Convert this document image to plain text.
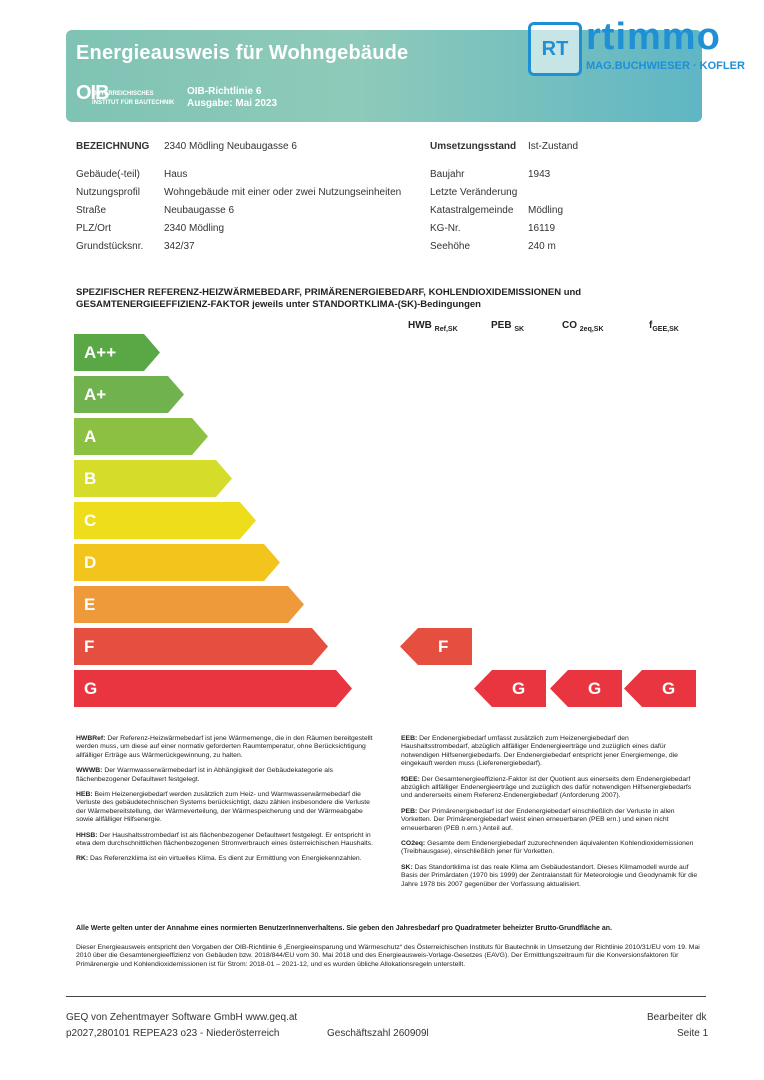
Energieausweis für Wohngebäude
OIB
ÖSTERREICHISCHES
INSTITUT FÜR BAUTECHNIK
OIB-Richtlinie 6
Ausgabe: Mai 2023
RT rtimmo
MAG.BUCHWIESER · KOFLER
BEZEICHNUNG 2340 Mödling Neubaugasse 6
Gebäude(-teil) Haus
Nutzungsprofil Wohngebäude mit einer oder zwei Nutzungseinheiten
Straße	Neubaugasse 6
PLZ/Ort	2340 Mödling
Grundstücksnr. 342/37
Umsetzungsstand Ist-Zustand
Baujahr	1943
Letzte Veränderung
Katastralgemeinde Mödling
KG-Nr.	16119
Seehöhe	240 m
SPEZIFISCHER REFERENZ-HEIZWÄRMEBEDARF, PRIMÄRENERGIEBEDARF, KOHLENDIOXIDEMISSIONEN und GESAMTENERGIEEFFIZIENZ-FAKTOR jeweils unter STANDORTKLIMA-(SK)-Bedingungen
HWB $_{Ref,SK}$	PEB $_{SK}$	CO $_{2eq,SK}$	$f_{GEE,SK}$
A++
A+
A
B
C
D
E
F
G
F
G	G	G

HWBRef: Der Referenz-Heizwärmebedarf ist jene Wärmemenge, die in den Räumen bereitgestellt werden muss, um diese auf einer normativ geforderten Raumtemperatur, ohne Berücksichtigung allfälliger Erträge aus Wärmerückgewinnung, zu halten.

WWWB: Der Warmwasserwärmebedarf ist in Abhängigkeit der Gebäudekategorie als flächenbezogener Defaultwert festgelegt.

HEB: Beim Heizenergiebedarf werden zusätzlich zum Heiz- und Warmwasserwärmebedarf die Verluste des gebäudetechnischen Systems berücksichtigt, dazu zählen insbesondere die Verluste der Wärmebereitstellung, der Wärmeverteilung, der Wärmespeicherung und der Wärmeabgabe sowie allfälliger Hilfsenergie.

HHSB: Der Haushaltsstrombedarf ist als flächenbezogener Defaultwert festgelegt. Er entspricht in etwa dem durchschnittlichen flächenbezogenen Stromverbrauch eines österreichischen Haushalts.

RK: Das Referenzklima ist ein virtuelles Klima. Es dient zur Ermittlung von Energiekennzahlen.

EEB: Der Endenergiebedarf umfasst zusätzlich zum Heizenergiebedarf den Haushaltsstrombedarf, abzüglich allfälliger Endenergieerträge und zuzüglich eines dafür notwendigen Hilfsenergiebedarfs. Der Endenergiebedarf entspricht jener Energiemenge, die eingekauft werden muss (Lieferenergiebedarf).

fGEE: Der Gesamtenergieeffizienz-Faktor ist der Quotient aus einerseits dem Endenergiebedarf abzüglich allfälliger Endenergieerträge und zuzüglich des dafür notwendigen Hilfsenergiebedarfs und andererseits einem Referenz-Endenergiebedarf (Anforderung 2007).

PEB: Der Primärenergiebedarf ist der Endenergiebedarf einschließlich der Verluste in allen Vorketten. Der Primärenergiebedarf weist einen erneuerbaren (PEB ern.) und einen nicht erneuerbaren (PEB n.ern.) Anteil auf.

CO2eq: Gesamte dem Endenergiebedarf zuzurechnenden äquivalenten Kohlendioxidemissionen (Treibhausgase), einschließlich jener für Vorketten.

SK: Das Standortklima ist das reale Klima am Gebäudestandort. Dieses Klimamodell wurde auf Basis der Primärdaten (1970 bis 1999) der Zentralanstalt für Meteorologie und Geodynamik für die Jahre 1978 bis 2007 gegenüber der Vorfassung aktualisiert.

Alle Werte gelten unter der Annahme eines normierten BenutzerInnenverhaltens. Sie geben den Jahresbedarf pro Quadratmeter beheizter Brutto-Grundfläche an.
Dieser Energieausweis entspricht den Vorgaben der OIB-Richtlinie 6 „Energieeinsparung und Wärmeschutz“ des Österreichischen Instituts für Bautechnik in Umsetzung der Richtlinie 2010/31/EU vom 19. Mai 2010 über die Gesamtenergieeffizienz von Gebäuden bzw. 2018/844/EU vom 30. Mai 2018 und des Energieausweis-Vorlage-Gesetzes (EAVG). Der Ermittlungszeitraum für die Konversionsfaktoren für Primärenergie und Kohlendioxidemissionen ist für Strom: 2018-01 – 2021-12, und es wurden übliche Allokationsregeln unterstellt.
GEQ von Zehentmayer Software GmbH www.geq.at
p2027,280101 REPEA23 o23 - Niederösterreich	Geschäftszahl 260909l
Bearbeiter dk
Seite 1
